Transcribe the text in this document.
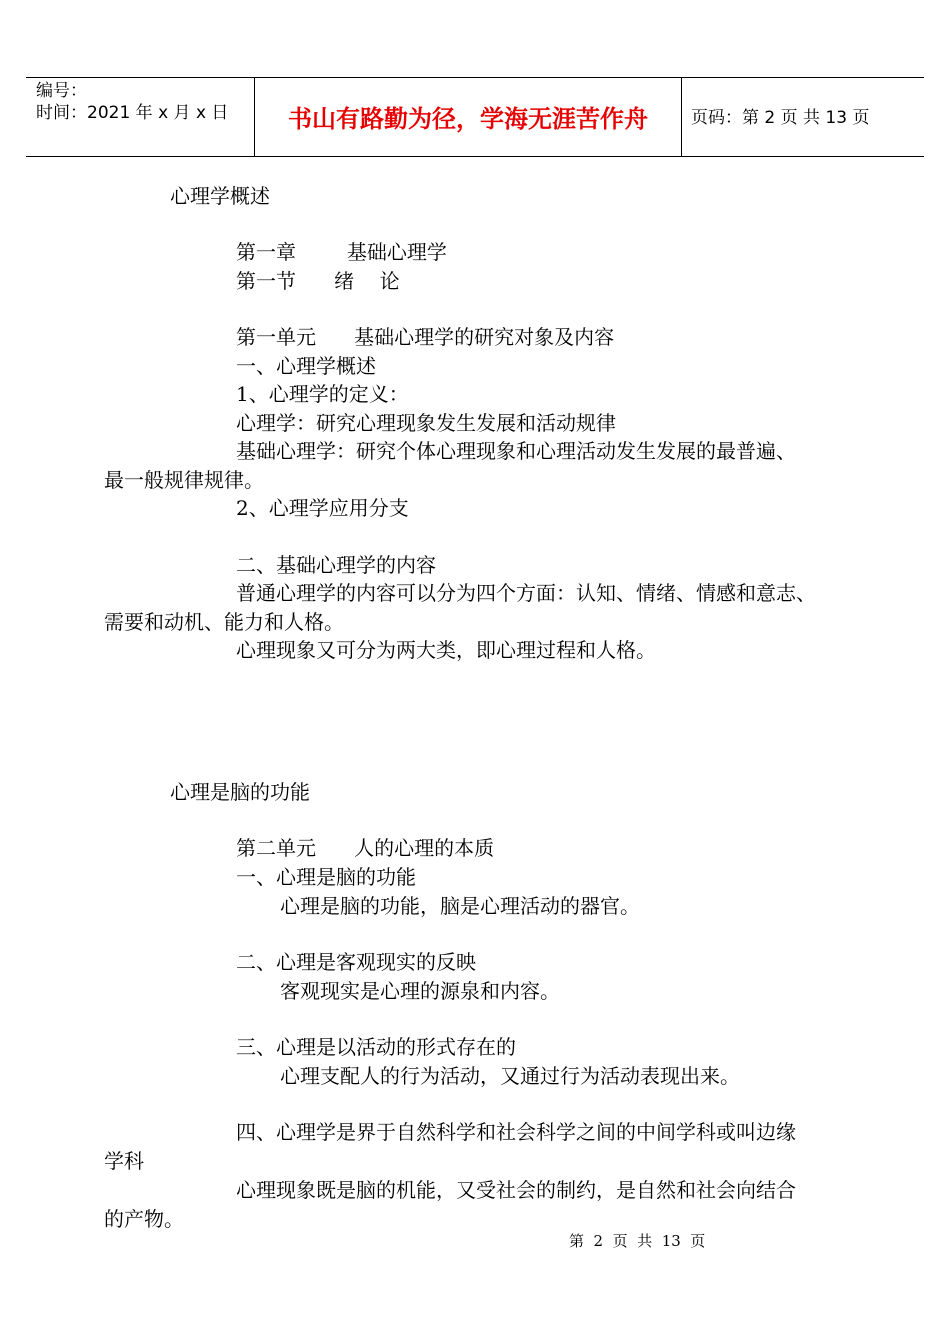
编号：
时间：2021 年 x 月 x 日	书山有路勤为径，学海无涯苦作舟	页码：第 2 页 共 13 页
心理学概述
第一章        基础心理学
第一节      绪    论
第一单元      基础心理学的研究对象及内容
一、心理学概述
1、心理学的定义：
心理学：研究心理现象发生发展和活动规律
基础心理学：研究个体心理现象和心理活动发生发展的最普遍、
最一般规律规律。
2、心理学应用分支
二、基础心理学的内容
普通心理学的内容可以分为四个方面：认知、情绪、情感和意志、
需要和动机、能力和人格。
心理现象又可分为两大类，即心理过程和人格。
心理是脑的功能
第二单元      人的心理的本质
一、心理是脑的功能
心理是脑的功能，脑是心理活动的器官。
二、心理是客观现实的反映
客观现实是心理的源泉和内容。
三、心理是以活动的形式存在的
心理支配人的行为活动，又通过行为活动表现出来。
四、心理学是界于自然科学和社会科学之间的中间学科或叫边缘
学科
心理现象既是脑的机能，又受社会的制约，是自然和社会向结合
的产物。
第  2  页  共  13  页
